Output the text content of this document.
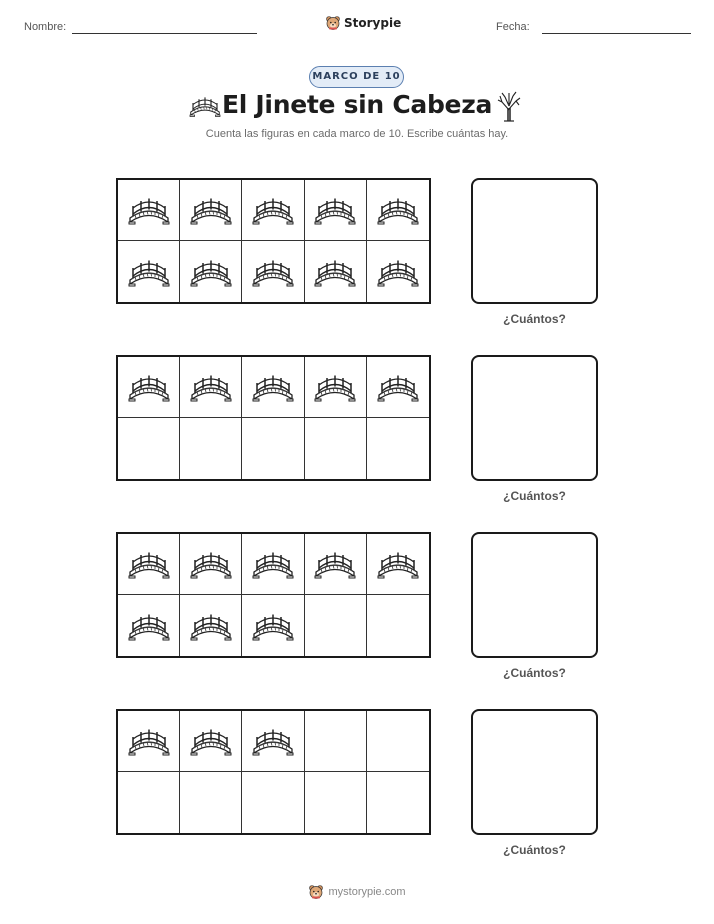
Nombre:	Storypie	Fecha:
MARCO DE 10
El Jinete sin Cabeza
Cuenta las figuras en cada marco de 10. Escribe cuántas hay.
¿Cuántos?
¿Cuántos?
¿Cuántos?
¿Cuántos?
mystorypie.com
